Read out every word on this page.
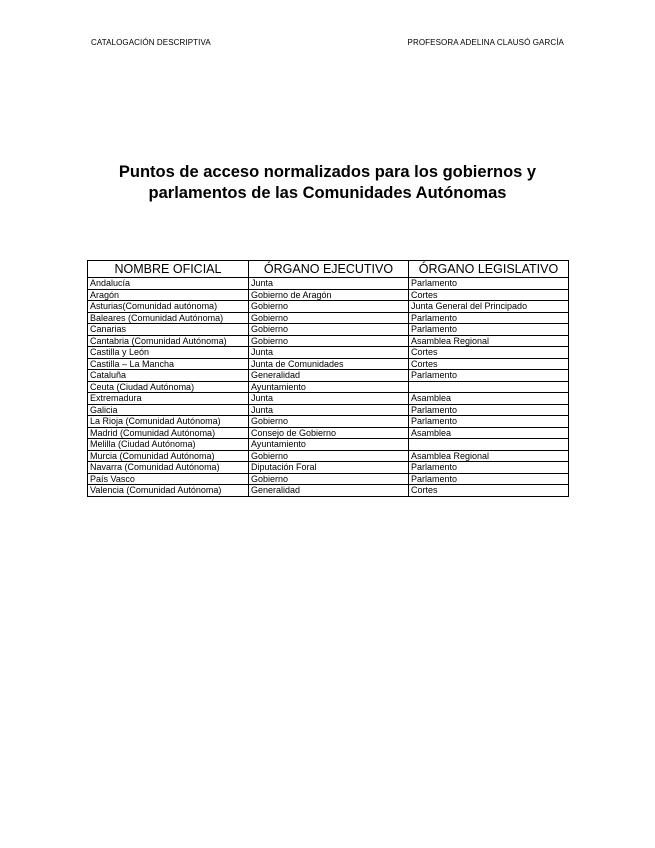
CATALOGACIÓN DESCRIPTIVA	PROFESORA ADELINA CLAUSÓ GARCÍA
Puntos de acceso normalizados para los gobiernos y
parlamentos de las Comunidades Autónomas
NOMBRE OFICIAL	ÓRGANO EJECUTIVO	ÓRGANO LEGISLATIVO
Andalucía	Junta	Parlamento
Aragón	Gobierno de Aragón	Cortes
Asturias(Comunidad autónoma)	Gobierno	Junta General del Principado
Baleares (Comunidad Autónoma)	Gobierno	Parlamento
Canarias	Gobierno	Parlamento
Cantabria (Comunidad Autónoma)	Gobierno	Asamblea Regional
Castilla y León	Junta	Cortes
Castilla – La Mancha	Junta de Comunidades	Cortes
Cataluña	Generalidad	Parlamento
Ceuta (Ciudad Autónoma)	Ayuntamiento	
Extremadura	Junta	Asamblea
Galicia	Junta	Parlamento
La Rioja (Comunidad Autónoma)	Gobierno	Parlamento
Madrid (Comunidad Autónoma)	Consejo de Gobierno	Asamblea
Melilla (Ciudad Autónoma)	Ayuntamiento	
Murcia (Comunidad Autónoma)	Gobierno	Asamblea Regional
Navarra (Comunidad Autónoma)	Diputación Foral	Parlamento
País Vasco	Gobierno	Parlamento
Valencia (Comunidad Autónoma)	Generalidad	Cortes
